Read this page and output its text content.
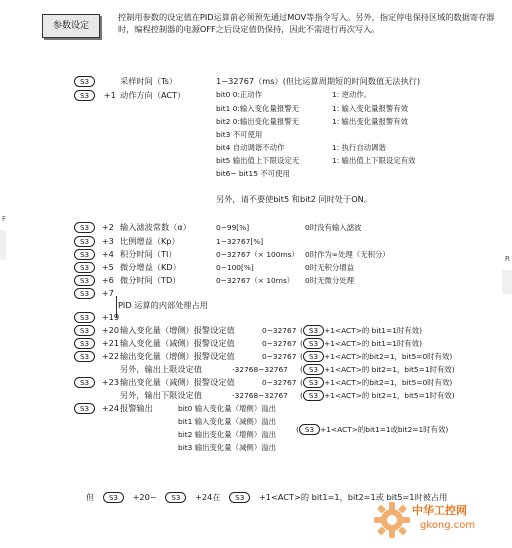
F
R
参数设定
控制用参数的设定值在PID运算前必须预先通过MOV等指令写入。另外，指定停电保持区域的数据寄存器时，编程控制器的电源OFF之后设定值仍保持，因此不需进行再次写入。
S3	采样时间（Ts）	1~32767（ms）(但比运算周期短的时间数值无法执行)
S3 +1 动作方向（ACT）	bit0 0:正动作	1: 逆动作。
bit1 0:输入变化量报警无	1: 输入变化量报警有效
bit2 0:输出变化量报警无	1: 输出变化量报警有效
bit3 不可使用
bit4 自动调谐不动作	1: 执行自动调谐
bit5 输出值上下限设定无	1: 输出值上下限设定有效
bit6~ bit15 不可使用
另外，请不要使bit5 和bit2 同时处于ON。
S3 +2 输入滤波常数（α）	0~99[%]	0时没有输入滤波
S3 +3 比例增益（Kp）	1~32767[%]
S3 +4 积分时间（TI）	0~32767（× 100ms） 0时作为∞处理（无积分）
S3 +5 微分增益（KD）	0~100[%]	0时无积分增益
S3 +6 微分时间（TD）	0~32767（× 10ms） 0时无微分处理
S3 +7
PID 运算的内部处理占用
S3 +19
S3 +20 输入变化量（增侧）报警设定值	0~32767 ( S3 +1<ACT>的 bit1=1时有效)
S3 +21 输入变化量（减侧）报警设定值	0~32767 ( S3 +1<ACT>的 bit1=1时有效)
S3 +22 输出变化量（增侧）报警设定值	0~32767 ( S3 +1<ACT>的bit2=1，bit5=0时有效)
另外，输出上限设定值	-32768~32767 ( S3 +1<ACT>的 bit2=1，bit5=1时有效)
S3 +23 输出变化量（减侧）报警设定值	0~32767 ( S3 +1<ACT>的bit2=1，bit5=0时有效)
另外，输出下限设定值	-32768~32767 ( S3 +1<ACT>的 bit2=1，bit5=1时有效)
S3 +24 报警输出	bit0 输入变化量（增侧）溢出
bit1 输入变化量（减侧）溢出
bit2 输出变化量（增侧）溢出
bit3 输出变化量（减侧）溢出
( S3 +1<ACT>的bit1=1或bit2=1时有效)
但 S3 +20~ S3 +24在 S3 +1<ACT>的 bit1=1，bit2=1或 bit5=1时被占用
中华工控网
gkong.com
